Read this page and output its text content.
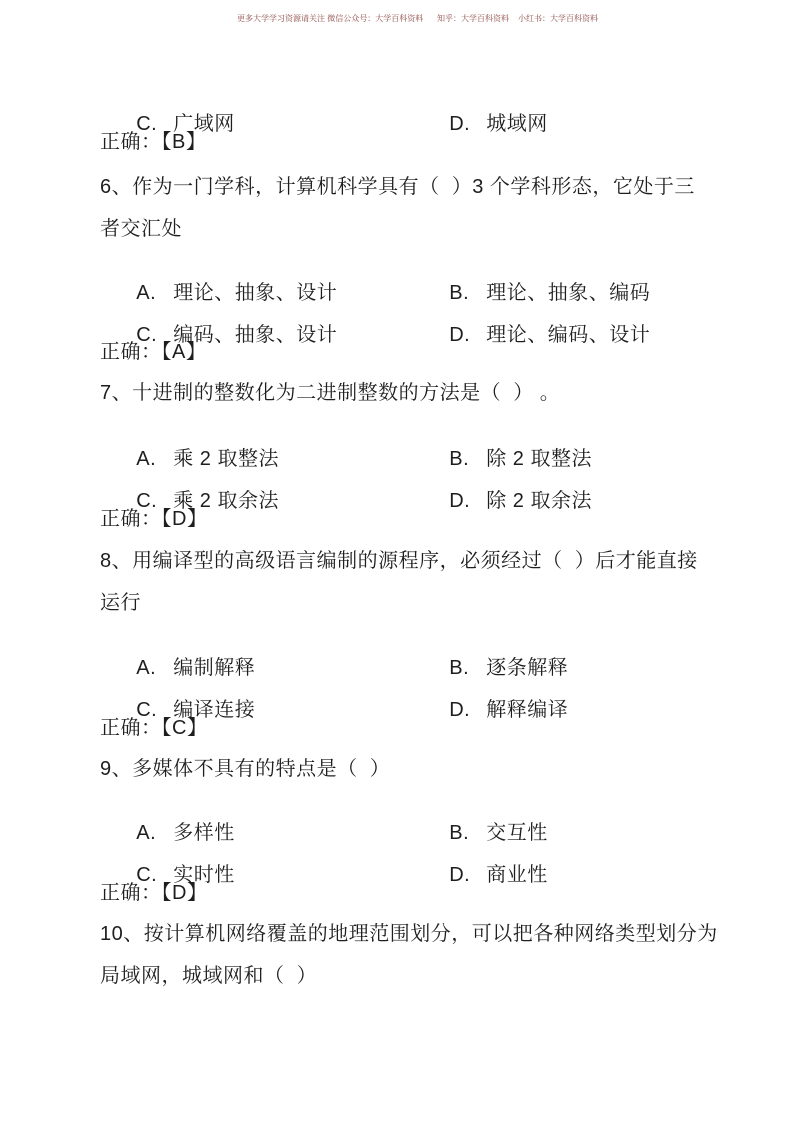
更多大学学习资源请关注 微信公众号：大学百科资料 知乎：大学百科资料 小红书：大学百科资料

C. 广域网	D. 城域网

正确：【B】
6、作为一门学科，计算机科学具有（  ）3 个学科形态，它处于三
者交汇处

A. 理论、抽象、设计	B. 理论、抽象、编码

C. 编码、抽象、设计	D. 理论、编码、设计

正确：【A】
7、十进制的整数化为二进制整数的方法是（  ） 。

A. 乘 2 取整法	B. 除 2 取整法

C. 乘 2 取余法	D. 除 2 取余法

正确：【D】
8、用编译型的高级语言编制的源程序，必须经过（  ）后才能直接
运行

A. 编制解释	B. 逐条解释

C. 编译连接	D. 解释编译

正确：【C】
9、多媒体不具有的特点是（  ）

A. 多样性	B. 交互性

C. 实时性	D. 商业性

正确：【D】
10、按计算机网络覆盖的地理范围划分，可以把各种网络类型划分为
局域网，城域网和（  ）
